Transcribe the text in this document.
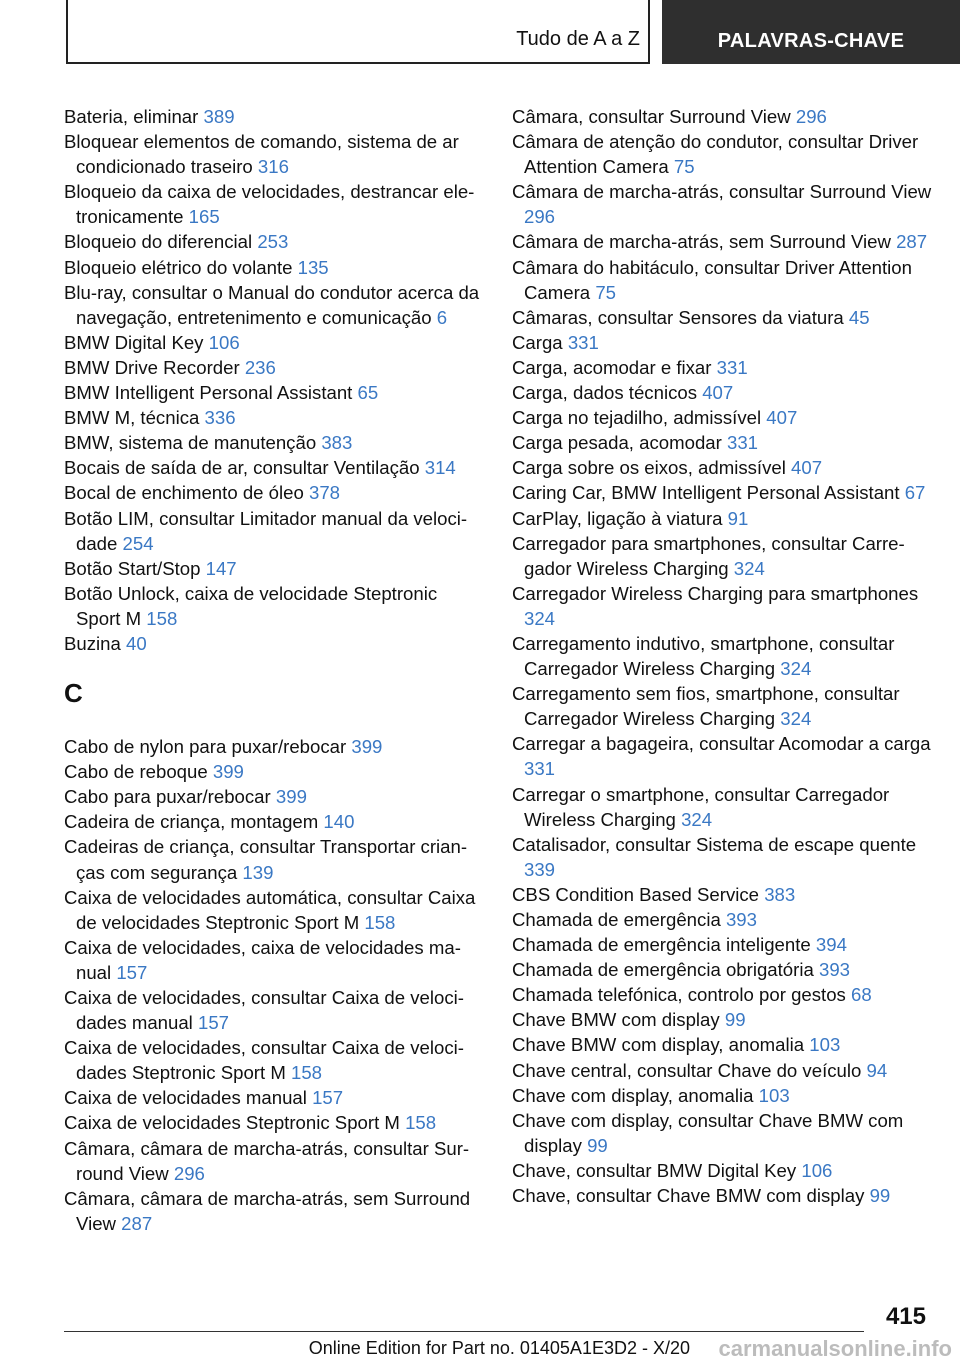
Tudo de A a Z	PALAVRAS-CHAVE
Bateria, eliminar 389
Bloquear elementos de comando, sistema de ar condicionado traseiro 316
Bloqueio da caixa de velocidades, destrancar eletronicamente 165
Bloqueio do diferencial 253
Bloqueio elétrico do volante 135
Blu-ray, consultar o Manual do condutor acerca da navegação, entretenimento e comunicação 6
BMW Digital Key 106
BMW Drive Recorder 236
BMW Intelligent Personal Assistant 65
BMW M, técnica 336
BMW, sistema de manutenção 383
Bocais de saída de ar, consultar Ventilação 314
Bocal de enchimento de óleo 378
Botão LIM, consultar Limitador manual da velocidade 254
Botão Start/Stop 147
Botão Unlock, caixa de velocidade Steptronic Sport M 158
Buzina 40
C
Cabo de nylon para puxar/rebocar 399
Cabo de reboque 399
Cabo para puxar/rebocar 399
Cadeira de criança, montagem 140
Cadeiras de criança, consultar Transportar crianças com segurança 139
Caixa de velocidades automática, consultar Caixa de velocidades Steptronic Sport M 158
Caixa de velocidades, caixa de velocidades manual 157
Caixa de velocidades, consultar Caixa de velocidades manual 157
Caixa de velocidades, consultar Caixa de velocidades Steptronic Sport M 158
Caixa de velocidades manual 157
Caixa de velocidades Steptronic Sport M 158
Câmara, câmara de marcha-atrás, consultar Surround View 296
Câmara, câmara de marcha-atrás, sem Surround View 287
Câmara, consultar Surround View 296
Câmara de atenção do condutor, consultar Driver Attention Camera 75
Câmara de marcha-atrás, consultar Surround View 296
Câmara de marcha-atrás, sem Surround View 287
Câmara do habitáculo, consultar Driver Attention Camera 75
Câmaras, consultar Sensores da viatura 45
Carga 331
Carga, acomodar e fixar 331
Carga, dados técnicos 407
Carga no tejadilho, admissível 407
Carga pesada, acomodar 331
Carga sobre os eixos, admissível 407
Caring Car, BMW Intelligent Personal Assistant 67
CarPlay, ligação à viatura 91
Carregador para smartphones, consultar Carregador Wireless Charging 324
Carregador Wireless Charging para smartphones 324
Carregamento indutivo, smartphone, consultar Carregador Wireless Charging 324
Carregamento sem fios, smartphone, consultar Carregador Wireless Charging 324
Carregar a bagageira, consultar Acomodar a carga 331
Carregar o smartphone, consultar Carregador Wireless Charging 324
Catalisador, consultar Sistema de escape quente 339
CBS Condition Based Service 383
Chamada de emergência 393
Chamada de emergência inteligente 394
Chamada de emergência obrigatória 393
Chamada telefónica, controlo por gestos 68
Chave BMW com display 99
Chave BMW com display, anomalia 103
Chave central, consultar Chave do veículo 94
Chave com display, anomalia 103
Chave com display, consultar Chave BMW com display 99
Chave, consultar BMW Digital Key 106
Chave, consultar Chave BMW com display 99
415
Online Edition for Part no. 01405A1E3D2 - X/20 carmanualsonline.info
